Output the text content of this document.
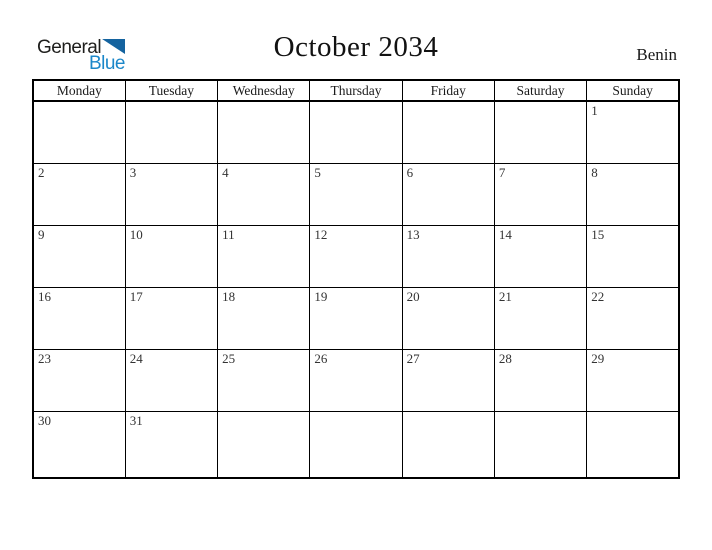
General
Blue
October 2034	Benin
Monday	Tuesday	Wednesday	Thursday	Friday	Saturday	Sunday
						1
2	3	4	5	6	7	8
9	10	11	12	13	14	15
16	17	18	19	20	21	22
23	24	25	26	27	28	29
30	31					
